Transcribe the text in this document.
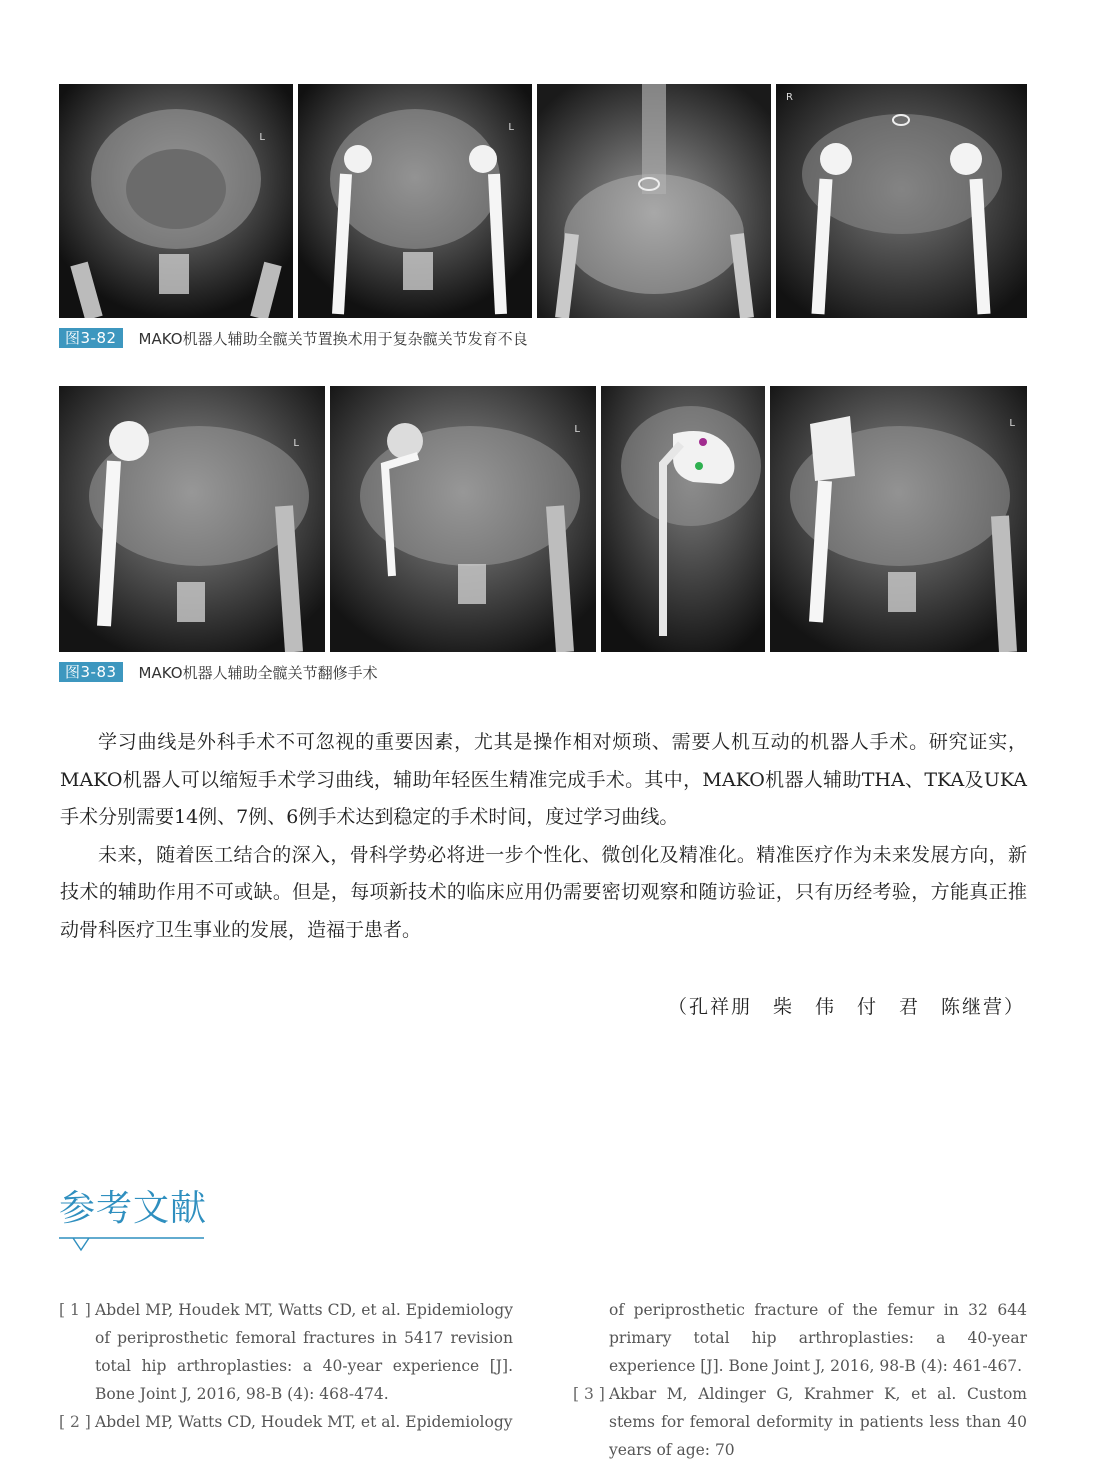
L
L
R
图3-82	MAKO机器人辅助全髋关节置换术用于复杂髋关节发育不良
L
L
L
图3-83	MAKO机器人辅助全髋关节翻修手术

学习曲线是外科手术不可忽视的重要因素，尤其是操作相对烦琐、需要人机互动的机器人手术。研究证实，MAKO机器人可以缩短手术学习曲线，辅助年轻医生精准完成手术。其中，MAKO机器人辅助THA、TKA及UKA手术分别需要14例、7例、6例手术达到稳定的手术时间，度过学习曲线。

未来，随着医工结合的深入，骨科学势必将进一步个性化、微创化及精准化。精准医疗作为未来发展方向，新技术的辅助作用不可或缺。但是，每项新技术的临床应用仍需要密切观察和随访验证，只有历经考验，方能真正推动骨科医疗卫生事业的发展，造福于患者。

（孔祥朋　柴　伟　付　君　陈继营）
参考文献

[ 1 ] Abdel MP, Houdek MT, Watts CD, et al. Epidemiology of periprosthetic femoral fractures in 5417 revision total hip arthroplasties: a 40-year experience [J]. Bone Joint J, 2016, 98-B (4): 468-474.

[ 2 ] Abdel MP, Watts CD, Houdek MT, et al. Epidemiology

of periprosthetic fracture of the femur in 32 644 primary total hip arthroplasties: a 40-year experience [J]. Bone Joint J, 2016, 98-B (4): 461-467.

[ 3 ] Akbar M, Aldinger G, Krahmer K, et al. Custom stems for femoral deformity in patients less than 40 years of age: 70
